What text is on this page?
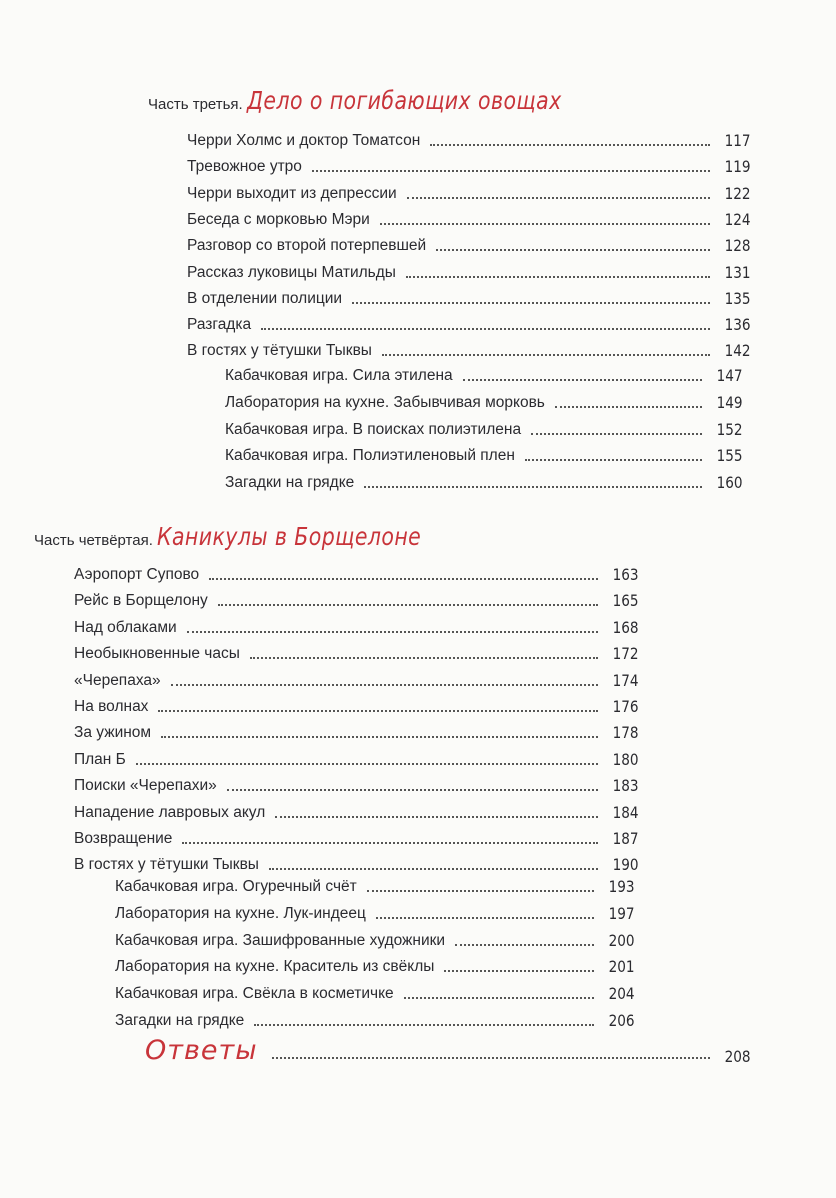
Часть третья. Дело о погибающих овощах
Черри Холмс и доктор Томатсон	117
Тревожное утро	119
Черри выходит из депрессии	122
Беседа с морковью Мэри	124
Разговор со второй потерпевшей	128
Рассказ луковицы Матильды	131
В отделении полиции	135
Разгадка	136
В гостях у тётушки Тыквы	142
Кабачковая игра. Сила этилена	147
Лаборатория на кухне. Забывчивая морковь	149
Кабачковая игра. В поисках полиэтилена	152
Кабачковая игра. Полиэтиленовый плен	155
Загадки на грядке	160
Часть четвёртая. Каникулы в Борщелоне
Аэропорт Супово	163
Рейс в Борщелону	165
Над облаками	168
Необыкновенные часы	172
«Черепаха»	174
На волнах	176
За ужином	178
План Б	180
Поиски «Черепахи»	183
Нападение лавровых акул	184
Возвращение	187
В гостях у тётушки Тыквы	190
Кабачковая игра. Огуречный счёт	193
Лаборатория на кухне. Лук-индеец	197
Кабачковая игра. Зашифрованные художники	200
Лаборатория на кухне. Краситель из свёклы	201
Кабачковая игра. Свёкла в косметичке	204
Загадки на грядке	206
Ответы	208
